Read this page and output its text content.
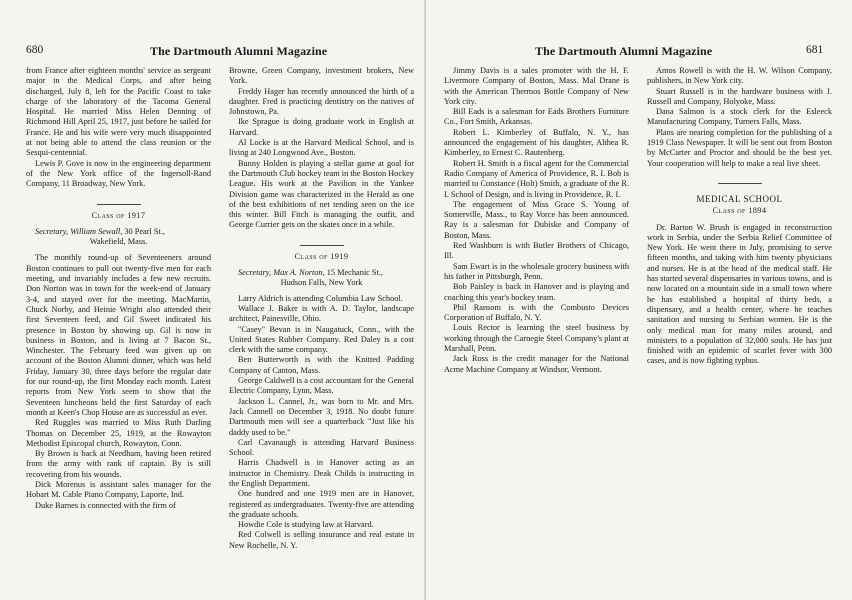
680	The Dartmouth Alumni Magazine

from France after eighteen months' service as sergeant major in the Medical Corps, and after being discharged, July 8, left for the Pacific Coast to take charge of the laboratory of the Tacoma General Hospital. He married Miss Helen Denning of Richmond Hill April 25, 1917, just before he sailed for France. He and his wife were very much disappointed at not being able to attend the class reunion or the Sesqui-centennial.

Lewis P. Gove is now in the engineering department of the New York office of the Ingersoll-Rand Company, 11 Broadway, New York.

Class of 1917

Secretary, William Sewall, 30 Pearl St.,

Wakefield, Mass.

The monthly round-up of Seventeeners around Boston continues to pull out twenty-five men for each meeting, and invariably includes a few new recruits. Don Norton was in town for the week-end of January 3-4, and stayed over for the meeting. MacMartin, Chuck Norby, and Heinie Wright also attended their first Seventeen feed, and Gil Sweet indicated his presence in Boston by showing up. Gil is now in business in Boston, and is living at 7 Bacon St., Winchester. The February feed was given up on account of the Boston Alumni dinner, which was held Friday, January 30, three days before the regular date for our round-up, the first Monday each month. Latest reports from New York seem to show that the Seventeen luncheons held the first Saturday of each month at Keen's Chop House are as successful as ever.

Red Ruggles was married to Miss Ruth Darling Thomas on December 25, 1919, at the Rowayton Methodist Episcopal church, Rowayton, Conn.

By Brown is back at Needham, having been retired from the army with rank of captain. By is still recovering from his wounds.

Dick Morenus is assistant sales manager for the Hobart M. Cable Piano Company, Laporte, Ind.

Duke Barnes is connected with the firm of

Browne, Green Company, investment brokers, New York.

Freddy Hager has recently announced the birth of a daughter. Fred is practicing dentistry on the natives of Johnstown, Pa.

Ike Sprague is doing graduate work in English at Harvard.

Al Locke is at the Harvard Medical School, and is living at 240 Longwood Ave., Boston.

Bunny Holden is playing a stellar game at goal for the Dartmouth Club hockey team in the Boston Hockey League. His work at the Pavilion in the Yankee Division game was characterized in the Herald as one of the best exhibitions of net tending seen on the ice this winter. Bill Fitch is managing the outfit, and George Currier gets on the skates once in a while.

Class of 1919

Secretary, Max A. Norton, 15 Mechanic St.,

Hudson Falls, New York

Larry Aldrich is attending Columbia Law School.

Wallace J. Baker is with A. D. Taylor, landscape architect, Painesville, Ohio.

"Casey" Bevan is in Naugatuck, Conn., with the United States Rubber Company. Red Daley is a cost clerk with the same company.

Ben Butterworth is with the Knitted Padding Company of Canton, Mass.

George Caldwell is a cost accountant for the General Electric Company, Lynn, Mass.

Jackson L. Cannel, Jr., was born to Mr. and Mrs. Jack Cannell on December 3, 1918. No doubt future Dartmouth men will see a quarterback "Just like his daddy used to be."

Carl Cavanaugh is attending Harvard Business School.

Harris Chadwell is in Hanover acting as an instructor in Chemistry. Deak Childs is instructing in the English Department.

One hundred and one 1919 men are in Hanover, registered as undergraduates. Twenty-five are attending the graduate schools.

Howdie Cole is studying law at Harvard.

Red Colwell is selling insurance and real estate in New Rochelle, N. Y.

The Dartmouth Alumni Magazine	681

Jimmy Davis is a sales promoter with the H. F. Livermore Company of Boston, Mass. Mal Drane is with the American Thermos Bottle Company of New York city.

Bill Eads is a salesman for Eads Brothers Furniture Co., Fort Smith, Arkansas.

Robert L. Kimberley of Buffalo, N. Y., has announced the engagement of his daughter, Althea R. Kimberley, to Ernest C. Rautenberg.

Robert H. Smith is a fiscal agent for the Commercial Radio Company of America of Providence, R. I. Bob is married to Constance (Holt) Smith, a graduate of the R. I. School of Design, and is living in Providence, R. I.

The engagement of Miss Grace S. Young of Somerville, Mass., to Ray Vorce has been announced. Ray is a salesman for Dubiske and Company of Boston, Mass.

Red Washburn is with Butler Brothers of Chicago, Ill.

Sam Ewart is in the wholesale grocery business with his father in Pittsburgh, Penn.

Bob Paisley is back in Hanover and is playing and coaching this year's hockey team.

Phil Ransom is with the Combusto Devices Corporation of Buffalo, N. Y.

Louis Rector is learning the steel business by working through the Carnegie Steel Company's plant at Marshall, Penn.

Jack Ross is the credit manager for the National Acme Machine Company at Windsor, Vermont.

Amos Rowell is with the H. W. Wilson Company, publishers, in New York city.

Stuart Russell is in the hardware business with J. Russell and Company, Holyoke, Mass.

Dana Salmon is a stock clerk for the Esleeck Manufacturing Company, Turners Falls, Mass.

Plans are nearing completion for the publishing of a 1919 Class Newspaper. It will be sent out from Boston by McCarter and Proctor and should be the best yet. Your cooperation will help to make a real live sheet.

MEDICAL SCHOOL
Class of 1894

Dr. Barton W. Brush is engaged in reconstruction work in Serbia, under the Serbia Relief Committee of New York. He went there in July, promising to serve fifteen months, and taking with him twenty physicians and nurses. He is at the head of the medical staff. He has started several dispensaries in various towns, and is now located on a mountain side in a small town where he has established a hospital of thirty beds, a dispensary, and a health center, where he teaches sanitation and nursing to Serbian women. He is the only medical man for many miles around, and ministers to a population of 32,000 souls. He has just finished with an epidemic of scarlet fever with 300 cases, and is now fighting typhus.
